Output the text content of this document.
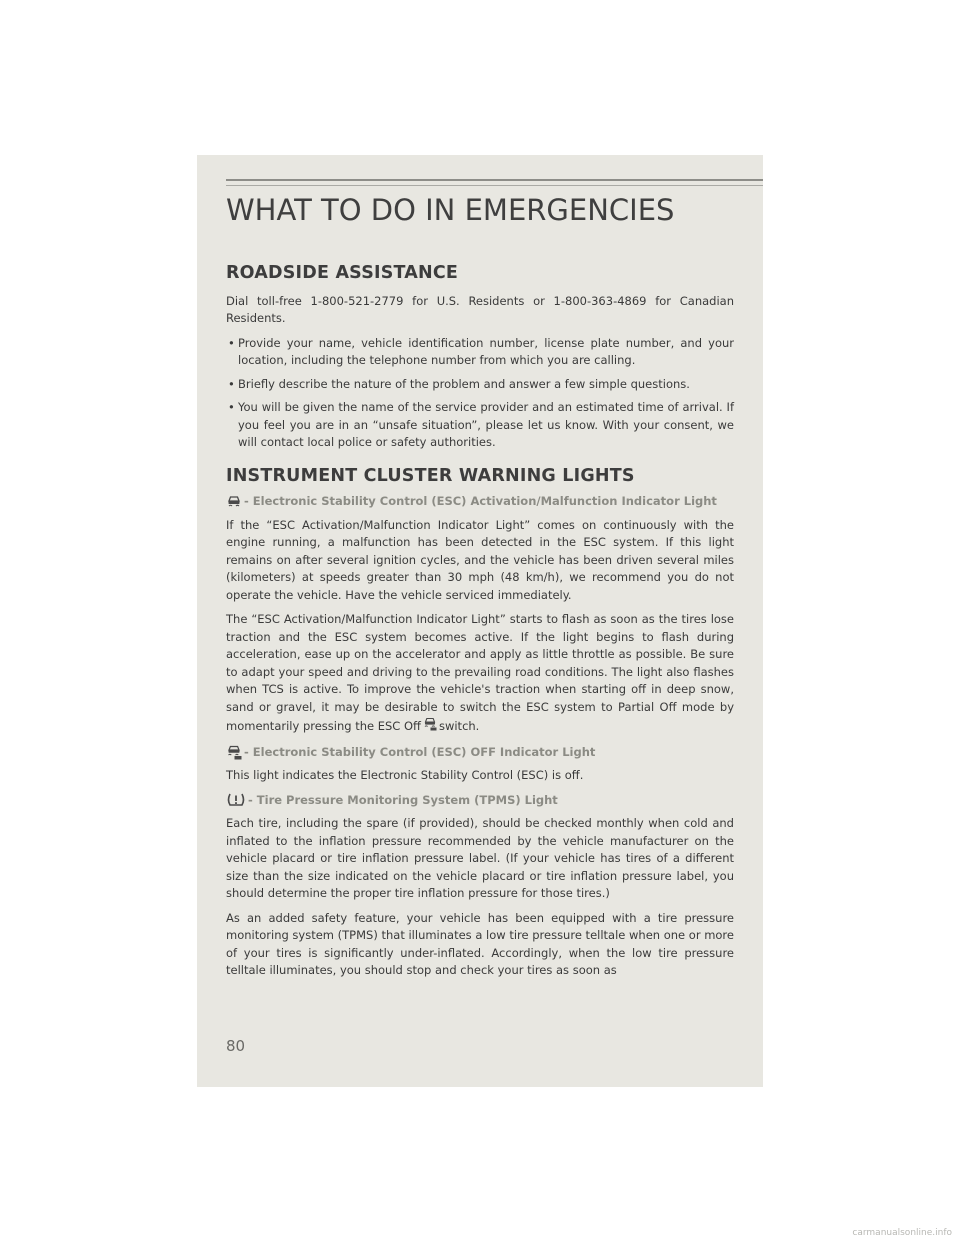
WHAT TO DO IN EMERGENCIES
ROADSIDE ASSISTANCE

Dial toll-free 1-800-521-2779 for U.S. Residents or 1-800-363-4869 for Canadian Residents.

• Provide your name, vehicle identification number, license plate number, and your location, including the telephone number from which you are calling.
• Briefly describe the nature of the problem and answer a few simple questions.
• You will be given the name of the service provider and an estimated time of arrival. If you feel you are in an “unsafe situation”, please let us know. With your consent, we will contact local police or safety authorities.
INSTRUMENT CLUSTER WARNING LIGHTS
- Electronic Stability Control (ESC) Activation/Malfunction Indicator Light

If the “ESC Activation/Malfunction Indicator Light” comes on continuously with the engine running, a malfunction has been detected in the ESC system. If this light remains on after several ignition cycles, and the vehicle has been driven several miles (kilometers) at speeds greater than 30 mph (48 km/h), we recommend you do not operate the vehicle. Have the vehicle serviced immediately.

The “ESC Activation/Malfunction Indicator Light” starts to flash as soon as the tires lose traction and the ESC system becomes active. If the light begins to flash during acceleration, ease up on the accelerator and apply as little throttle as possible. Be sure to adapt your speed and driving to the prevailing road conditions. The light also flashes when TCS is active. To improve the vehicle's traction when starting off in deep snow, sand or gravel, it may be desirable to switch the ESC system to Partial Off mode by momentarily pressing the ESC Off switch.

- Electronic Stability Control (ESC) OFF Indicator Light

This light indicates the Electronic Stability Control (ESC) is off.

- Tire Pressure Monitoring System (TPMS) Light

Each tire, including the spare (if provided), should be checked monthly when cold and inflated to the inflation pressure recommended by the vehicle manufacturer on the vehicle placard or tire inflation pressure label. (If your vehicle has tires of a different size than the size indicated on the vehicle placard or tire inflation pressure label, you should determine the proper tire inflation pressure for those tires.)

As an added safety feature, your vehicle has been equipped with a tire pressure monitoring system (TPMS) that illuminates a low tire pressure telltale when one or more of your tires is significantly under-inflated. Accordingly, when the low tire pressure telltale illuminates, you should stop and check your tires as soon as

80
carmanualsonline.info
